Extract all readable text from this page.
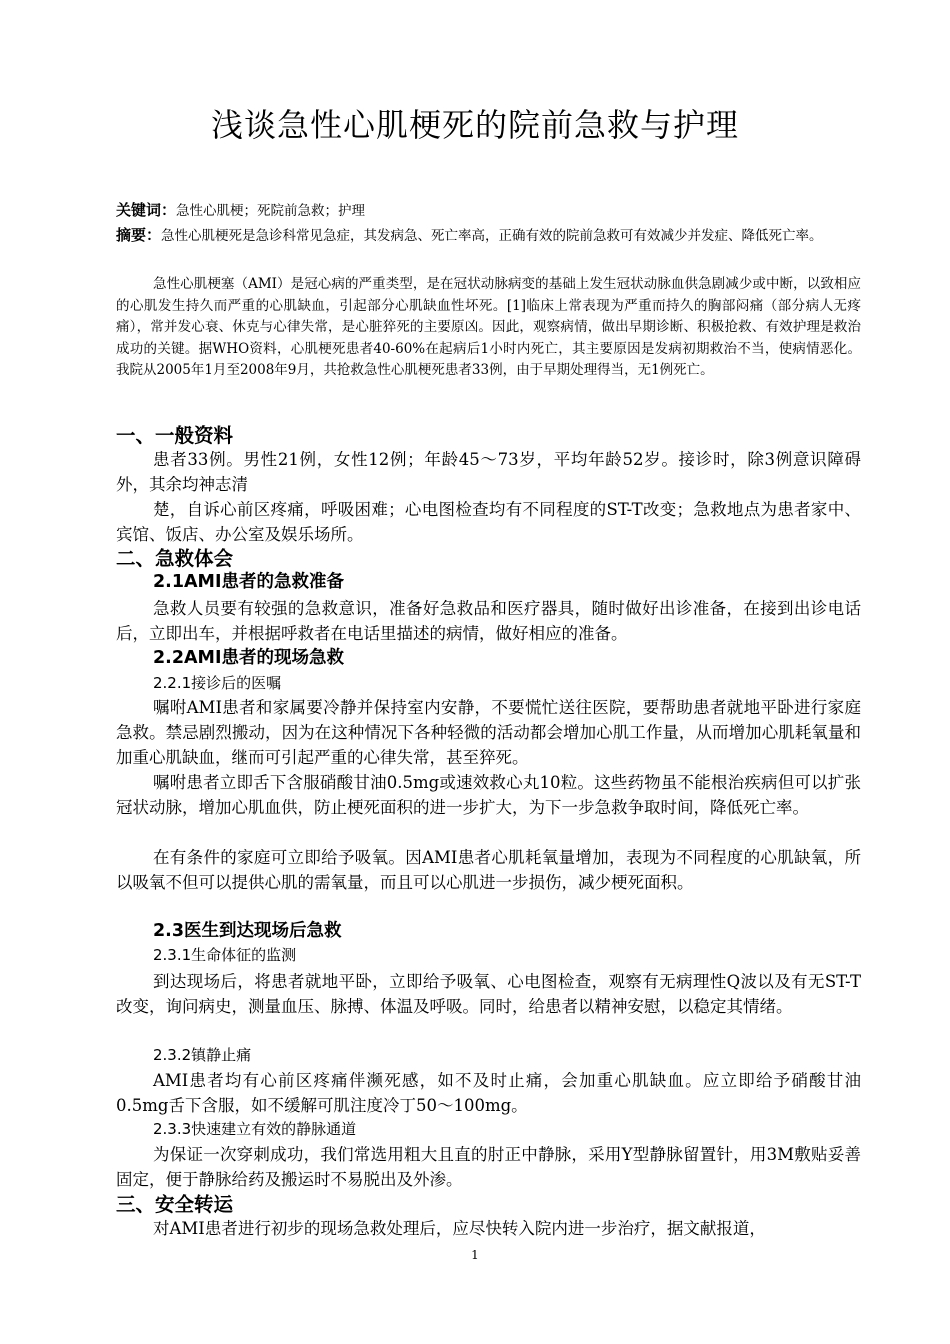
浅谈急性心肌梗死的院前急救与护理
关键词：急性心肌梗；死院前急救；护理
摘要：急性心肌梗死是急诊科常见急症，其发病急、死亡率高，正确有效的院前急救可有效减少并发症、降低死亡率。
急性心肌梗塞（AMI）是冠心病的严重类型，是在冠状动脉病变的基础上发生冠状动脉血供急剧减少或中断，以致相应的心肌发生持久而严重的心肌缺血，引起部分心肌缺血性坏死。[1]临床上常表现为严重而持久的胸部闷痛（部分病人无疼痛），常并发心衰、休克与心律失常，是心脏猝死的主要原凶。因此，观察病情，做出早期诊断、积极抢救、有效护理是救治成功的关键。据WHO资料，心肌梗死患者40-60%在起病后1小时内死亡，其主要原因是发病初期救治不当，使病情恶化。我院从2005年1月至2008年9月，共抢救急性心肌梗死患者33例，由于早期处理得当，无1例死亡。
一、一般资料
患者33例。男性21例，女性12例；年龄45～73岁，平均年龄52岁。接诊时，除3例意识障碍外，其余均神志清
楚，自诉心前区疼痛，呼吸困难；心电图检查均有不同程度的ST-T改变；急救地点为患者家中、宾馆、饭店、办公室及娱乐场所。
二、急救体会
2.1AMI患者的急救准备
急救人员要有较强的急救意识，准备好急救品和医疗器具，随时做好出诊准备，在接到出诊电话后，立即出车，并根据呼救者在电话里描述的病情，做好相应的准备。
2.2AMI患者的现场急救
2.2.1接诊后的医嘱
嘱咐AMI患者和家属要冷静并保持室内安静，不要慌忙送往医院，要帮助患者就地平卧进行家庭急救。禁忌剧烈搬动，因为在这种情况下各种轻微的活动都会增加心肌工作量，从而增加心肌耗氧量和加重心肌缺血，继而可引起严重的心律失常，甚至猝死。
嘱咐患者立即舌下含服硝酸甘油0.5mg或速效救心丸10粒。这些药物虽不能根治疾病但可以扩张冠状动脉，增加心肌血供，防止梗死面积的进一步扩大，为下一步急救争取时间，降低死亡率。
在有条件的家庭可立即给予吸氧。因AMI患者心肌耗氧量增加，表现为不同程度的心肌缺氧，所以吸氧不但可以提供心肌的需氧量，而且可以心肌进一步损伤，减少梗死面积。
2.3医生到达现场后急救
2.3.1生命体征的监测
到达现场后，将患者就地平卧，立即给予吸氧、心电图检查，观察有无病理性Q波以及有无ST-T改变，询问病史，测量血压、脉搏、体温及呼吸。同时，给患者以精神安慰，以稳定其情绪。
2.3.2镇静止痛
AMI患者均有心前区疼痛伴濒死感，如不及时止痛，会加重心肌缺血。应立即给予硝酸甘油0.5mg舌下含服，如不缓解可肌注度冷丁50～100mg。
2.3.3快速建立有效的静脉通道
为保证一次穿刺成功，我们常选用粗大且直的肘正中静脉，采用Y型静脉留置针，用3M敷贴妥善固定，便于静脉给药及搬运时不易脱出及外渗。
三、安全转运
对AMI患者进行初步的现场急救处理后，应尽快转入院内进一步治疗，据文献报道，
1
